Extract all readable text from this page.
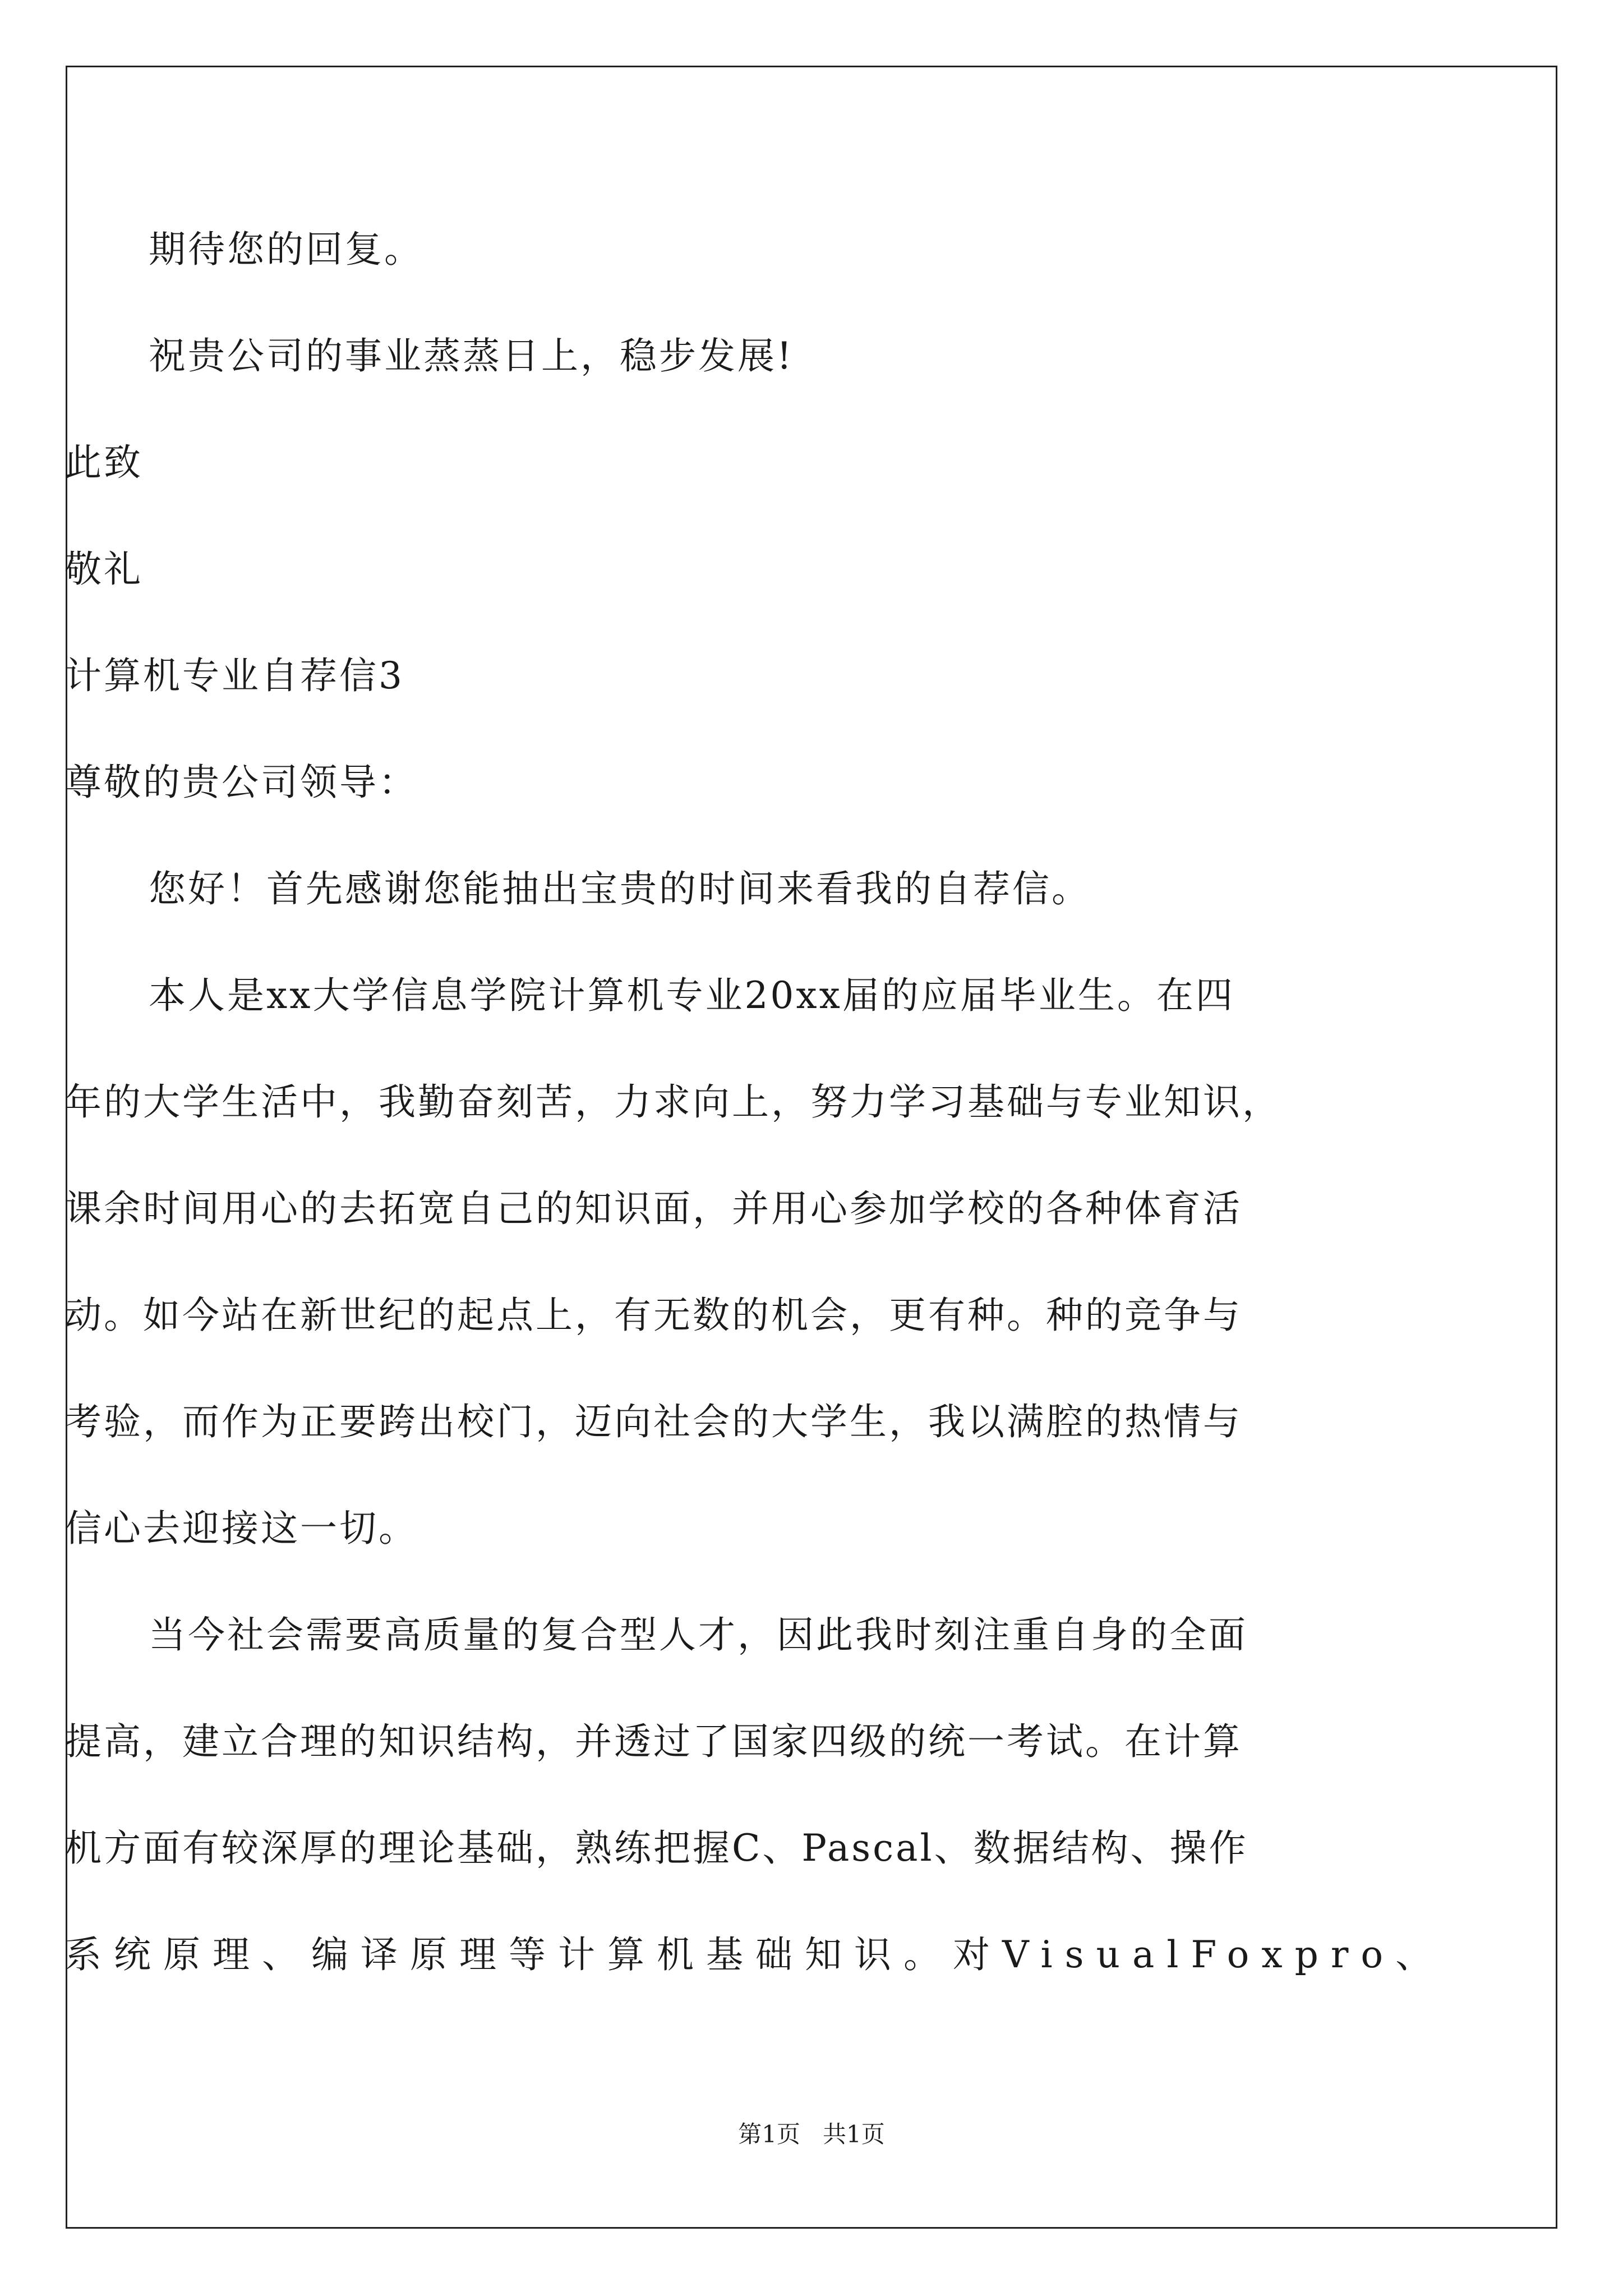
期待您的回复。
祝贵公司的事业蒸蒸日上，稳步发展!
此致
敬礼
计算机专业自荐信3
尊敬的贵公司领导：
您好！首先感谢您能抽出宝贵的时间来看我的自荐信。
本人是xx大学信息学院计算机专业20xx届的应届毕业生。在四
年的大学生活中，我勤奋刻苦，力求向上，努力学习基础与专业知识，
课余时间用心的去拓宽自己的知识面，并用心参加学校的各种体育活
动。如今站在新世纪的起点上，有无数的机会，更有种。种的竞争与
考验，而作为正要跨出校门，迈向社会的大学生，我以满腔的热情与
信心去迎接这一切。
当今社会需要高质量的复合型人才，因此我时刻注重自身的全面
提高，建立合理的知识结构，并透过了国家四级的统一考试。在计算
机方面有较深厚的理论基础，熟练把握C、Pascal、数据结构、操作
系统原理、编译原理等计算机基础知识。对VisualFoxpro、
第1页 共1页
